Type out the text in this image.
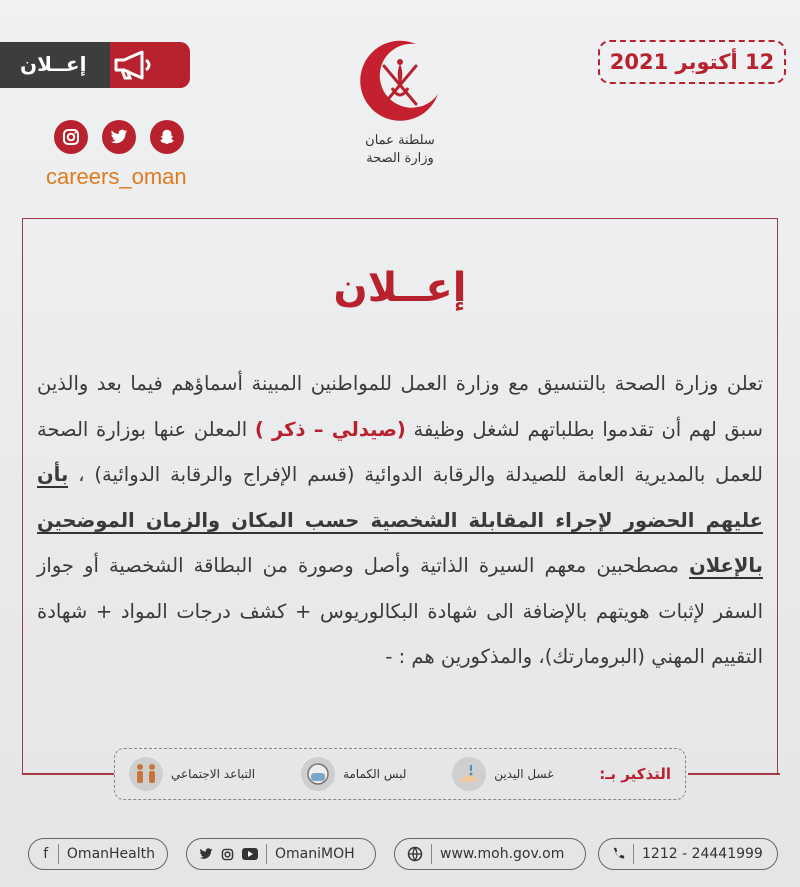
إعــلان
careers_oman
12 أكتوبر 2021
سلطنة عمان
وزارة الصحة
إعــلان
تعلن وزارة الصحة بالتنسيق مع وزارة العمل للمواطنين المبينة أسماؤهم فيما بعد والذين سبق لهم أن تقدموا بطلباتهم لشغل وظيفة (صيدلي – ذكر ) المعلن عنها بوزارة الصحة للعمل بالمديرية العامة للصيدلة والرقابة الدوائية (قسم الإفراج والرقابة الدوائية) ، بأن عليهم الحضور لإجراء المقابلة الشخصية حسب المكان والزمان الموضحين بالإعلان مصطحبين معهم السيرة الذاتية وأصل وصورة من البطاقة الشخصية أو جواز السفر لإثبات هويتهم بالإضافة الى شهادة البكالوريوس + كشف درجات المواد + شهادة التقييم المهني (البرومارتك)، والمذكورين هم : -
التباعد الاجتماعي	لبس الكمامة	غسل اليدين	التذكير بـ:
f OmanHealth	OmaniMOH	www.moh.gov.om	1212 - 24441999
